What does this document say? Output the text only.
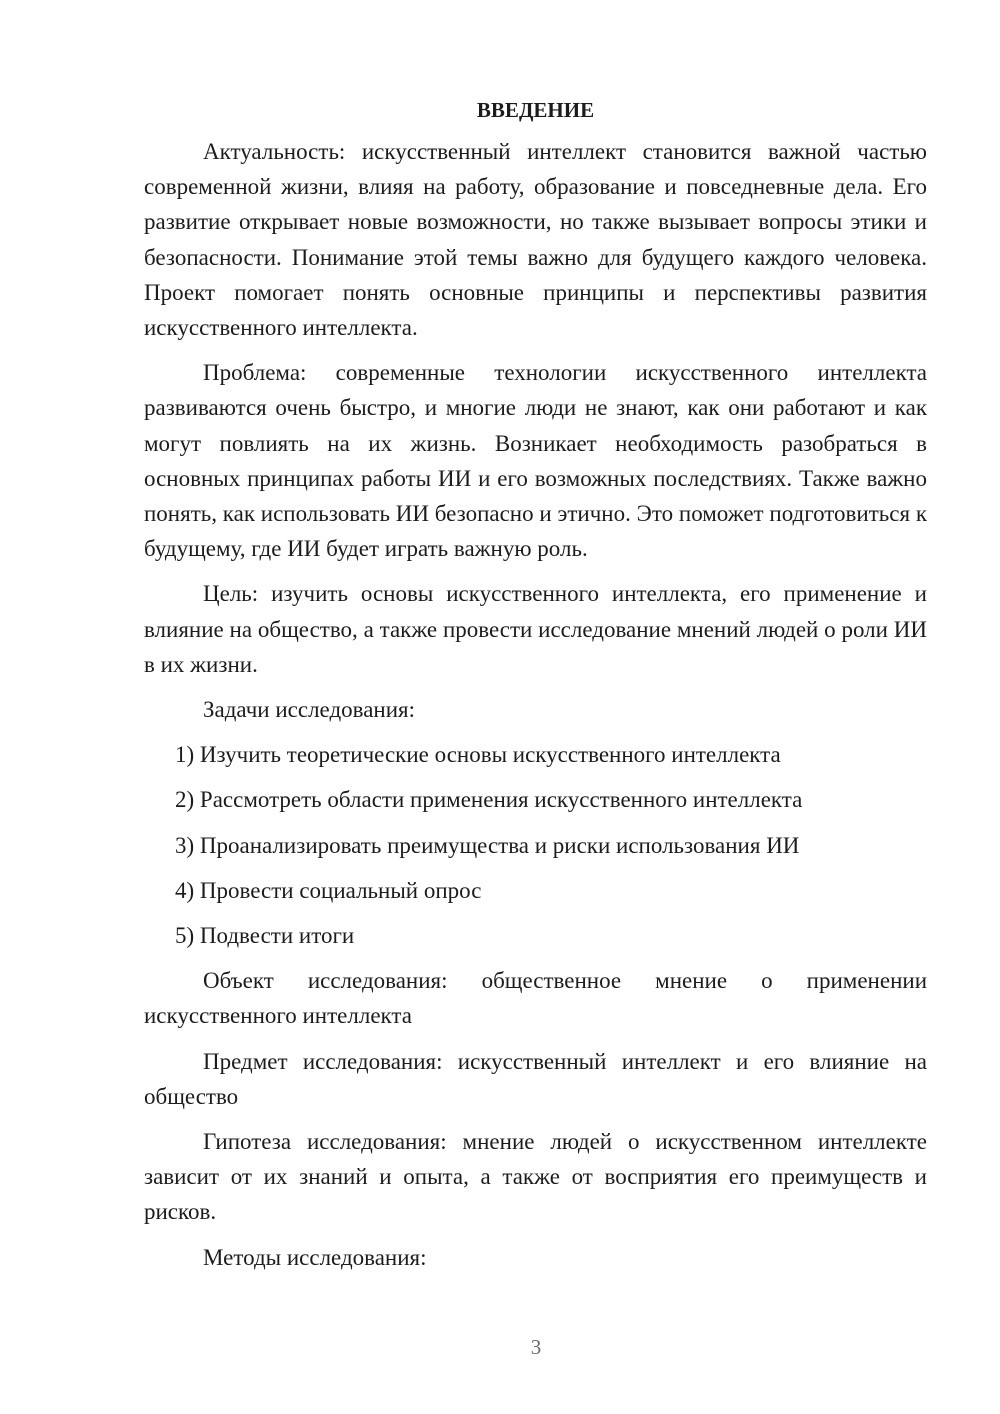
ВВЕДЕНИЕ

Актуальность: искусственный интеллект становится важной частью современной жизни, влияя на работу, образование и повседневные дела. Его развитие открывает новые возможности, но также вызывает вопросы этики и безопасности. Понимание этой темы важно для будущего каждого человека. Проект помогает понять основные принципы и перспективы развития искусственного интеллекта.

Проблема: современные технологии искусственного интеллекта развиваются очень быстро, и многие люди не знают, как они работают и как могут повлиять на их жизнь. Возникает необходимость разобраться в основных принципах работы ИИ и его возможных последствиях. Также важно понять, как использовать ИИ безопасно и этично. Это поможет подготовиться к будущему, где ИИ будет играть важную роль.

Цель: изучить основы искусственного интеллекта, его применение и влияние на общество, а также провести исследование мнений людей о роли ИИ в их жизни.

Задачи исследования:

1) Изучить теоретические основы искусственного интеллекта
2) Рассмотреть области применения искусственного интеллекта
3) Проанализировать преимущества и риски использования ИИ
4) Провести социальный опрос
5) Подвести итоги

Объект исследования: общественное мнение о применении искусственного интеллекта

Предмет исследования: искусственный интеллект и его влияние на общество

Гипотеза исследования: мнение людей о искусственном интеллекте зависит от их знаний и опыта, а также от восприятия его преимуществ и рисков.

Методы исследования:

3
